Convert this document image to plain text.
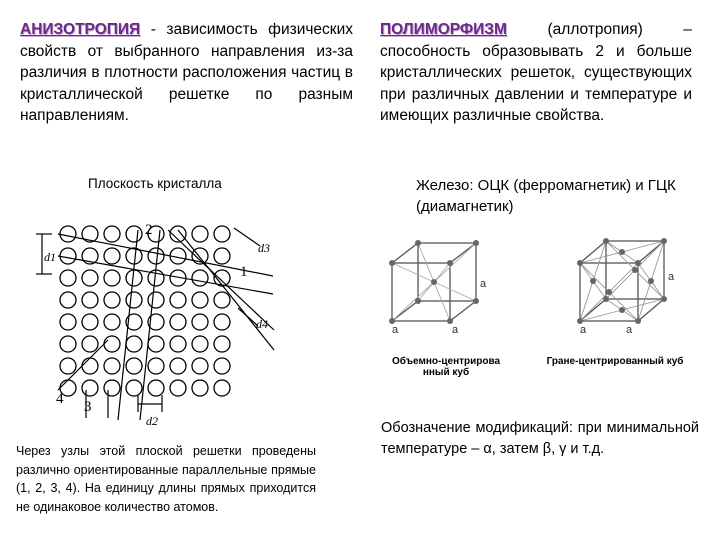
АНИЗОТРОПИЯ - зависимость физических свойств от выбранного направления из-за различия в плотности расположения частиц в кристаллической решетке по разным направлениям.
ПОЛИМОРФИЗМ (аллотропия) – способность образовывать 2 и больше кристаллических решеток, существующих при различных давлении и температуре и имеющих различные свойства.
Плоскость кристалла
2
1
3
4
d1
d2
d3
d4
Железо: ОЦК (ферромагнетик) и ГЦК (диамагнетик)
a
a	a
a
a	a
Объемно-центрирова нный куб
Гране-центрированный куб
Через узлы этой плоской решетки проведены различно ориентированные параллельные прямые (1, 2, 3, 4). На единицу длины прямых приходится не одинаковое количество атомов.
Обозначение модификаций: при минимальной температуре – α, затем β, γ и т.д.
